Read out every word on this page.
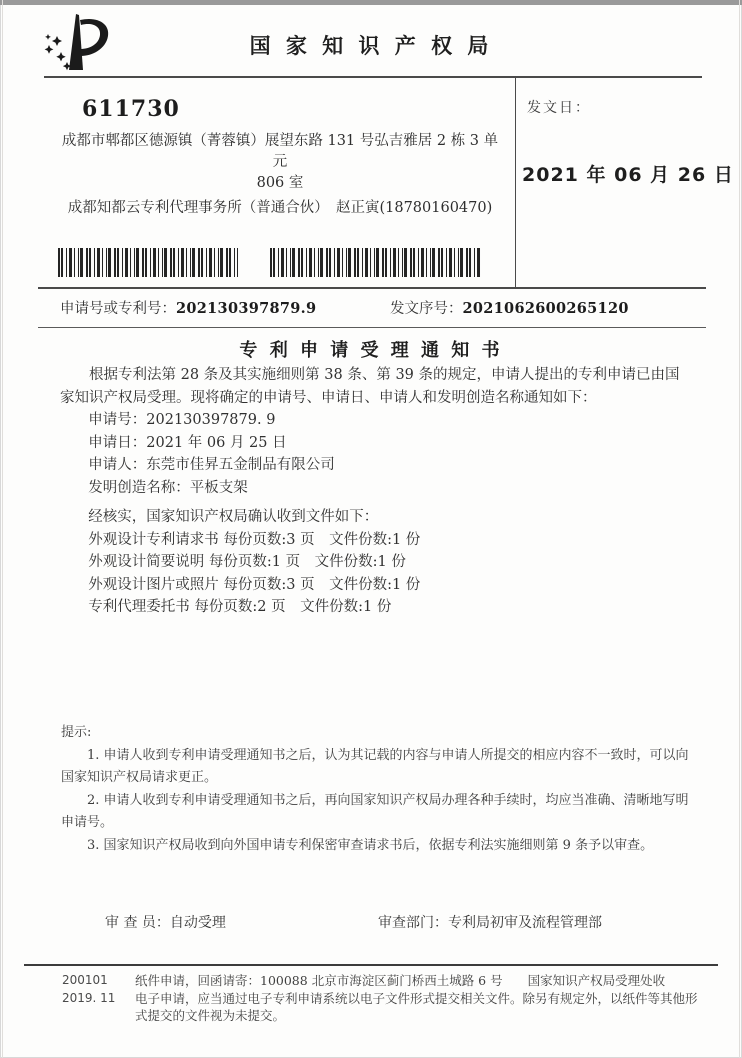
国 家 知 识 产 权 局
611730
成都市郫都区德源镇（菁蓉镇）展望东路 131 号弘吉雅居 2 栋 3 单元
806 室
成都知都云专利代理事务所（普通合伙）　赵正寅(18780160470)
发文日：
2021 年 06 月 26 日
申请号或专利号：202130397879.9	发文序号：2021062600265120
专 利 申 请 受 理 通 知 书

根据专利法第 28 条及其实施细则第 38 条、第 39 条的规定，申请人提出的专利申请已由国家知识产权局受理。现将确定的申请号、申请日、申请人和发明创造名称通知如下：

申请号：202130397879. 9
申请日：2021 年 06 月 25 日
申请人：东莞市佳昇五金制品有限公司
发明创造名称：平板支架
经核实，国家知识产权局确认收到文件如下：
外观设计专利请求书 每份页数:3 页　文件份数:1 份
外观设计简要说明 每份页数:1 页　文件份数:1 份
外观设计图片或照片 每份页数:3 页　文件份数:1 份
专利代理委托书 每份页数:2 页　文件份数:1 份

提示:

1. 申请人收到专利申请受理通知书之后，认为其记载的内容与申请人所提交的相应内容不一致时，可以向国家知识产权局请求更正。

2. 申请人收到专利申请受理通知书之后，再向国家知识产权局办理各种手续时，均应当准确、清晰地写明申请号。

3. 国家知识产权局收到向外国申请专利保密审查请求书后，依据专利法实施细则第 9 条予以审查。

审 查 员：自动受理	审查部门：专利局初审及流程管理部
200101
2019. 11

纸件申请，回函请寄：100088 北京市海淀区蓟门桥西土城路 6 号　　国家知识产权局受理处收

电子申请，应当通过电子专利申请系统以电子文件形式提交相关文件。除另有规定外，以纸件等其他形式提交的文件视为未提交。
